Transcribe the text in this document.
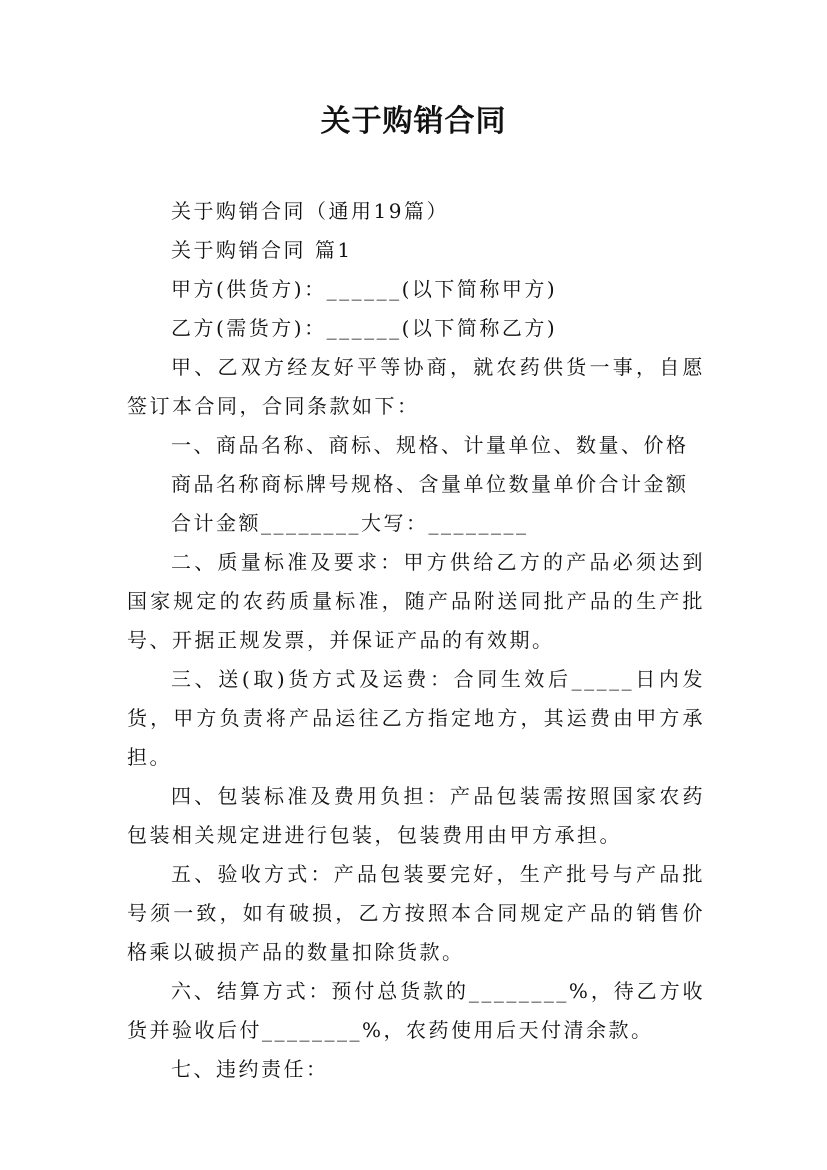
关于购销合同

关于购销合同（通用19篇）

关于购销合同 篇1

甲方(供货方)：______(以下简称甲方)

乙方(需货方)：______(以下简称乙方)

甲、乙双方经友好平等协商，就农药供货一事，自愿签订本合同，合同条款如下：

一、商品名称、商标、规格、计量单位、数量、价格

商品名称商标牌号规格、含量单位数量单价合计金额

合计金额________大写：________

二、质量标准及要求：甲方供给乙方的产品必须达到国家规定的农药质量标准，随产品附送同批产品的生产批号、开据正规发票，并保证产品的有效期。

三、送(取)货方式及运费：合同生效后_____日内发货，甲方负责将产品运往乙方指定地方，其运费由甲方承担。

四、包装标准及费用负担：产品包装需按照国家农药包装相关规定进进行包装，包装费用由甲方承担。

五、验收方式：产品包装要完好，生产批号与产品批号须一致，如有破损，乙方按照本合同规定产品的销售价格乘以破损产品的数量扣除货款。

六、结算方式：预付总货款的________%，待乙方收货并验收后付________%，农药使用后天付清余款。

七、违约责任：
